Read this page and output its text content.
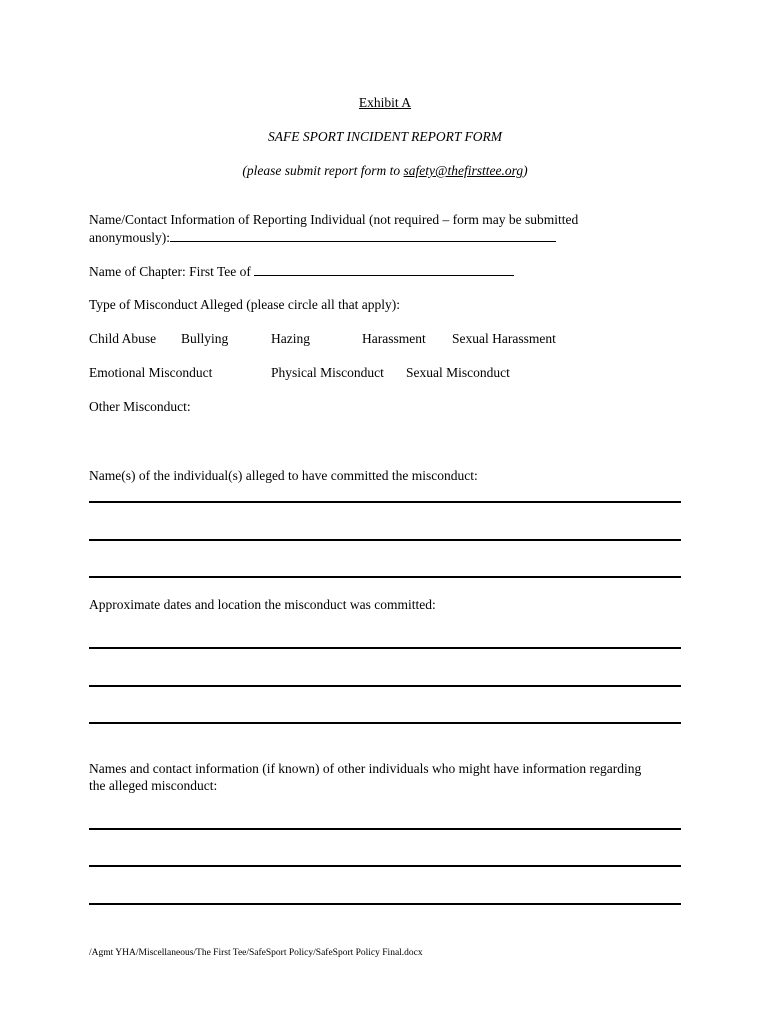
Exhibit A
SAFE SPORT INCIDENT REPORT FORM
(please submit report form to safety@thefirsttee.org)
Name/Contact Information of Reporting Individual (not required – form may be submitted
anonymously):
Name of Chapter: First Tee of
Type of Misconduct Alleged (please circle all that apply):
Child Abuse Bullying	Hazing	Harassment Sexual Harassment
Emotional Misconduct	Physical Misconduct Sexual Misconduct
Other Misconduct:
Name(s) of the individual(s) alleged to have committed the misconduct:
Approximate dates and location the misconduct was committed:
Names and contact information (if known) of other individuals who might have information regarding
the alleged misconduct:
/Agmt YHA/Miscellaneous/The First Tee/SafeSport Policy/SafeSport Policy Final.docx
